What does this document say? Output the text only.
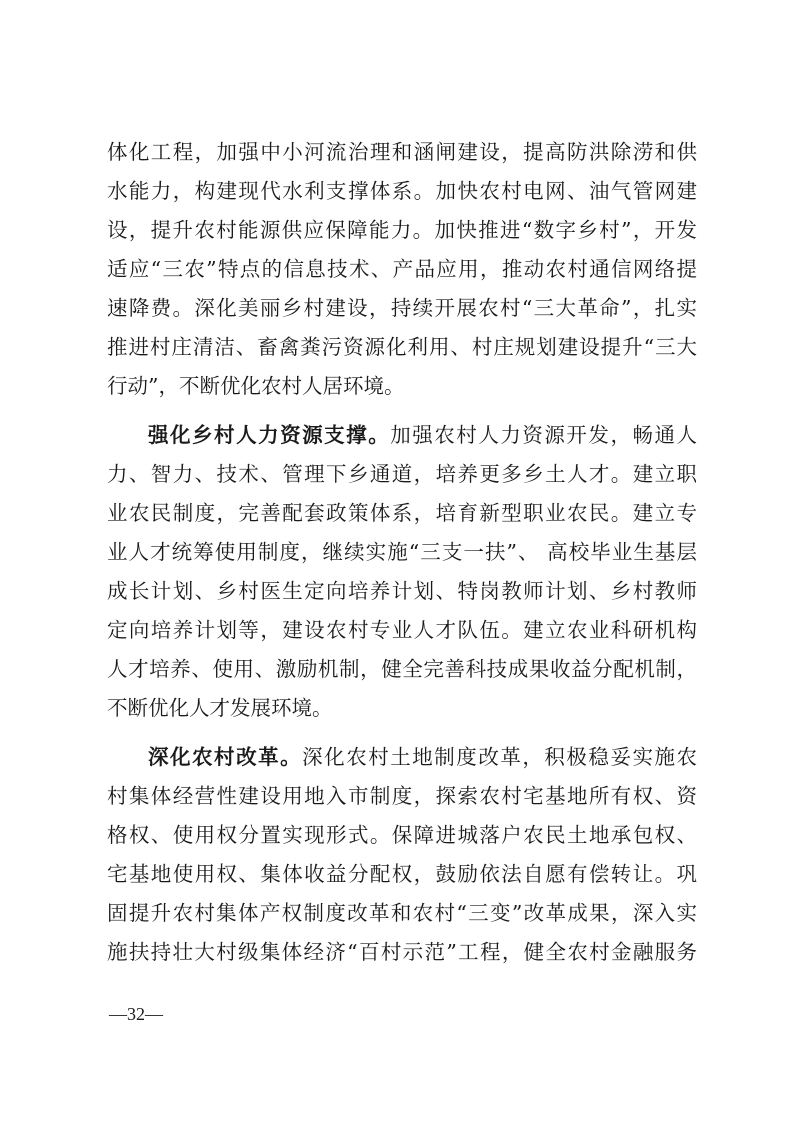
体化工程，加强中小河流治理和涵闸建设，提高防洪除涝和供
水能力，构建现代水利支撑体系。加快农村电网、油气管网建
设，提升农村能源供应保障能力。加快推进“数字乡村”，开发
适应“三农”特点的信息技术、产品应用，推动农村通信网络提
速降费。深化美丽乡村建设，持续开展农村“三大革命”，扎实
推进村庄清洁、畜禽粪污资源化利用、村庄规划建设提升“三大
行动”，不断优化农村人居环境。
强化乡村人力资源支撑。加强农村人力资源开发，畅通人
力、智力、技术、管理下乡通道，培养更多乡土人才。建立职
业农民制度，完善配套政策体系，培育新型职业农民。建立专
业人才统筹使用制度，继续实施“三支一扶”、 高校毕业生基层
成长计划、乡村医生定向培养计划、特岗教师计划、乡村教师
定向培养计划等，建设农村专业人才队伍。建立农业科研机构
人才培养、使用、激励机制，健全完善科技成果收益分配机制，
不断优化人才发展环境。
深化农村改革。深化农村土地制度改革，积极稳妥实施农
村集体经营性建设用地入市制度，探索农村宅基地所有权、资
格权、使用权分置实现形式。保障进城落户农民土地承包权、
宅基地使用权、集体收益分配权，鼓励依法自愿有偿转让。巩
固提升农村集体产权制度改革和农村“三变”改革成果，深入实
施扶持壮大村级集体经济“百村示范”工程，健全农村金融服务
—32—
